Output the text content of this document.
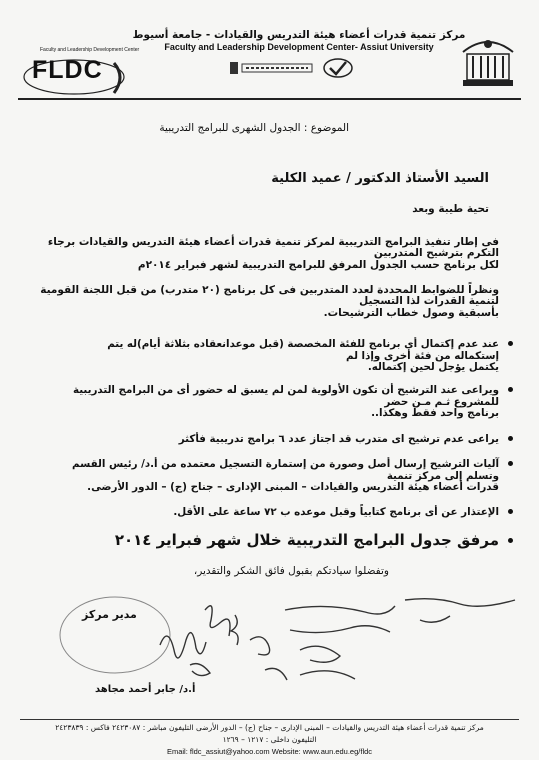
مركز تنمية قدرات أعضاء هيئة التدريس والقيادات - جامعة أسيوط
Faculty and Leadership Development Center- Assiut University
Faculty and Leadership Development Center
FLDC
الموضوع : الجدول الشهرى للبرامج التدريبية
السيد الأستاذ الدكتور / عميد الكلية
تحية طيبة وبعد
فى إطار تنفيذ البرامج التدريبية لمركز تنمية قدرات أعضاء هيئة التدريس والقيادات برجاء التكرم بترشيح المتدربين
لكل برنامج حسب الجدول المرفق للبرامج التدريبية لشهر فبراير ٢٠١٤م
ونظراً للضوابط المحددة لعدد المتدربين فى كل برنامج (٢٠ متدرب) من قبل اللجنة القومية لتنمية القدرات لذا التسجيل
بأسبقية وصول خطاب الترشيحات.
عند عدم إكتمال أى برنامج للفئة المخصصة (قبل موعدانعقاده بثلاثة أيام)له يتم إستكماله من فئة أخرى وإذا لم
يكتمل يؤجل لحين إكتماله.
ويراعى عند الترشيح أن تكون الأولوية لمن لم يسبق له حضور أى من البرامج التدريبية للمشروع ثـم مـن حضر
برنامج واحد فقط وهكذا..
يراعى عدم ترشيح اى متدرب قد اجتاز عدد ٦ برامج تدريبية فأكثر
آليات الترشيح إرسال أصل وصورة من إستمارة التسجيل معتمده من أ.د/ رئيس القسم وتسلم إلى مركز تنمية
قدرات أعضاء هيئة التدريس والقيادات – المبنى الإدارى – جناح (ج) – الدور الأرضى.
الإعتذار عن أى برنامج كتابياً وقبل موعده ب ٧٢ ساعة على الأقل.
مرفق جدول البرامج التدريبية خلال شهر فبراير ٢٠١٤
وتفضلوا سيادتكم بقبول فائق الشكر والتقدير،
مدير مركز
أ.د/ جابر أحمد مجاهد
مركز تنمية قدرات أعضاء هيئة التدريس والقيادات – المبنى الإدارى – جناح (ج) – الدور الأرضى التليفون مباشر : ٢٤٢٣٠٨٧ فاكس : ٢٤٢٣٨٣٩
التليفون داخلى : ١٢١٧ – ١٢٦٩
Email: fldc_assiut@yahoo.com Website: www.aun.edu.eg/fldc
